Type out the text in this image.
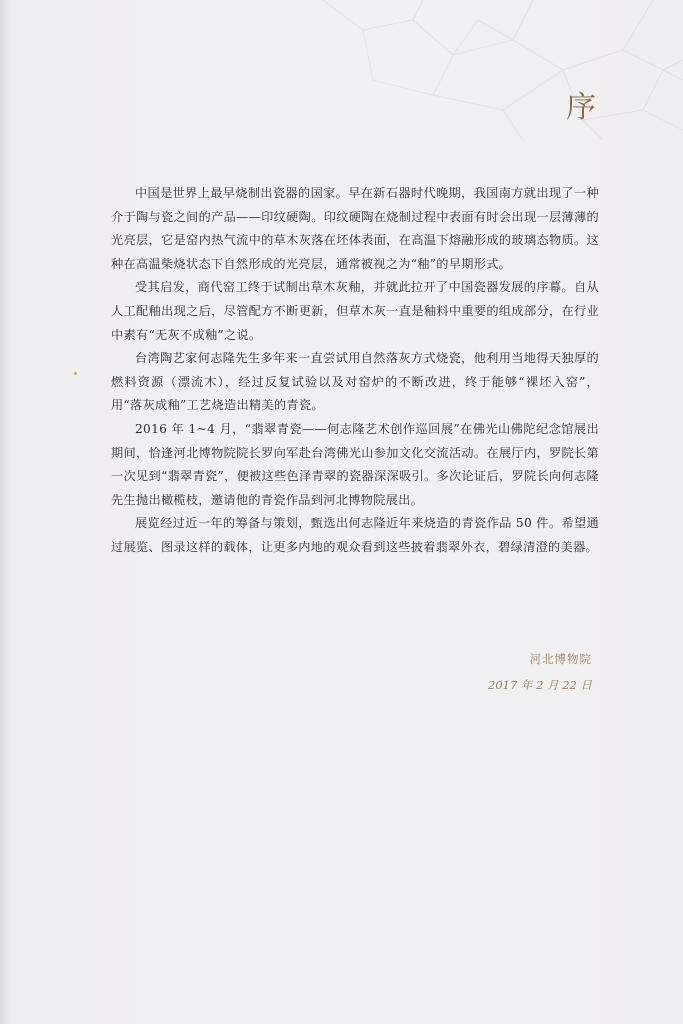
序

中国是世界上最早烧制出瓷器的国家。早在新石器时代晚期，我国南方就出现了一种介于陶与瓷之间的产品——印纹硬陶。印纹硬陶在烧制过程中表面有时会出现一层薄薄的光亮层，它是窑内热气流中的草木灰落在坯体表面，在高温下熔融形成的玻璃态物质。这种在高温柴烧状态下自然形成的光亮层，通常被视之为“釉”的早期形式。

受其启发，商代窑工终于试制出草木灰釉，并就此拉开了中国瓷器发展的序幕。自从人工配釉出现之后，尽管配方不断更新，但草木灰一直是釉料中重要的组成部分，在行业中素有“无灰不成釉”之说。

台湾陶艺家何志隆先生多年来一直尝试用自然落灰方式烧瓷，他利用当地得天独厚的燃料资源（漂流木），经过反复试验以及对窑炉的不断改进，终于能够“裸坯入窑”，用“落灰成釉”工艺烧造出精美的青瓷。

2016 年 1~4 月，“翡翠青瓷——何志隆艺术创作巡回展”在佛光山佛陀纪念馆展出期间，恰逢河北博物院院长罗向军赴台湾佛光山参加文化交流活动。在展厅内，罗院长第一次见到“翡翠青瓷”，便被这些色泽青翠的瓷器深深吸引。多次论证后，罗院长向何志隆先生抛出橄榄枝，邀请他的青瓷作品到河北博物院展出。

展览经过近一年的筹备与策划，甄选出何志隆近年来烧造的青瓷作品 50 件。希望通过展览、图录这样的载体，让更多内地的观众看到这些披着翡翠外衣，碧绿清澄的美器。

河北博物院
2017 年 2 月 22 日
